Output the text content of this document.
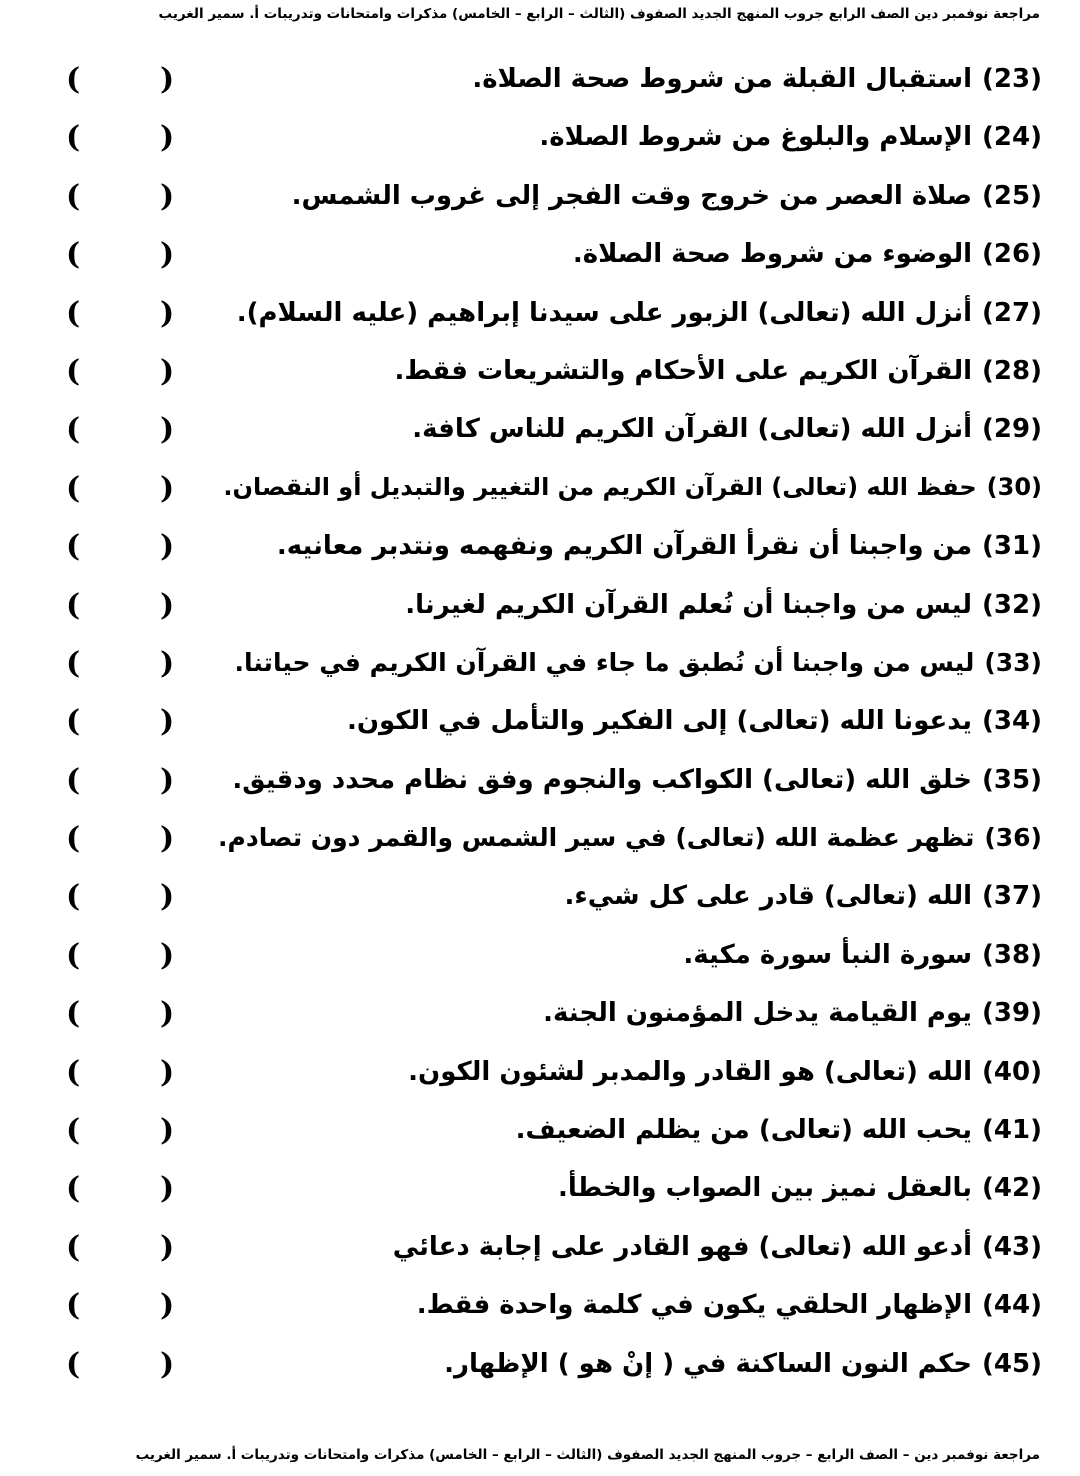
مراجعة نوفمبر دين الصف الرابع جروب المنهج الجديد الصفوف (الثالث – الرابع – الخامس) مذكرات وامتحانات وتدريبات أ. سمير الغريب
(23)
استقبال القبلة من شروط صحة الصلاة.
(
)
(24)
الإسلام والبلوغ من شروط الصلاة.
(
)
(25)
صلاة العصر من خروج وقت الفجر إلى غروب الشمس.
(
)
(26)
الوضوء من شروط صحة الصلاة.
(
)
(27)
أنزل الله (تعالى) الزبور على سيدنا إبراهيم (عليه السلام).
(
)
(28)
القرآن الكريم على الأحكام والتشريعات فقط.
(
)
(29)
أنزل الله (تعالى) القرآن الكريم للناس كافة.
(
)
(30)
حفظ الله (تعالى) القرآن الكريم من التغيير والتبديل أو النقصان.
(
)
(31)
من واجبنا أن نقرأ القرآن الكريم ونفهمه ونتدبر معانيه.
(
)
(32)
ليس من واجبنا أن نُعلم القرآن الكريم لغيرنا.
(
)
(33)
ليس من واجبنا أن نُطبق ما جاء في القرآن الكريم في حياتنا.
(
)
(34)
يدعونا الله (تعالى) إلى الفكير والتأمل في الكون.
(
)
(35)
خلق الله (تعالى) الكواكب والنجوم وفق نظام محدد ودقيق.
(
)
(36)
تظهر عظمة الله (تعالى) في سير الشمس والقمر دون تصادم.
(
)
(37)
الله (تعالى) قادر على كل شيء.
(
)
(38)
سورة النبأ سورة مكية.
(
)
(39)
يوم القيامة يدخل المؤمنون الجنة.
(
)
(40)
الله (تعالى) هو القادر والمدبر لشئون الكون.
(
)
(41)
يحب الله (تعالى) من يظلم الضعيف.
(
)
(42)
بالعقل نميز بين الصواب والخطأ.
(
)
(43)
أدعو الله (تعالى) فهو القادر على إجابة دعائي
(
)
(44)
الإظهار الحلقي يكون في كلمة واحدة فقط.
(
)
(45)
حكم النون الساكنة في ( إنْ هو ) الإظهار.
(
)
مراجعة نوفمبر دين – الصف الرابع – جروب المنهج الجديد الصفوف (الثالث – الرابع – الخامس) مذكرات وامتحانات وتدريبات أ. سمير الغريب
